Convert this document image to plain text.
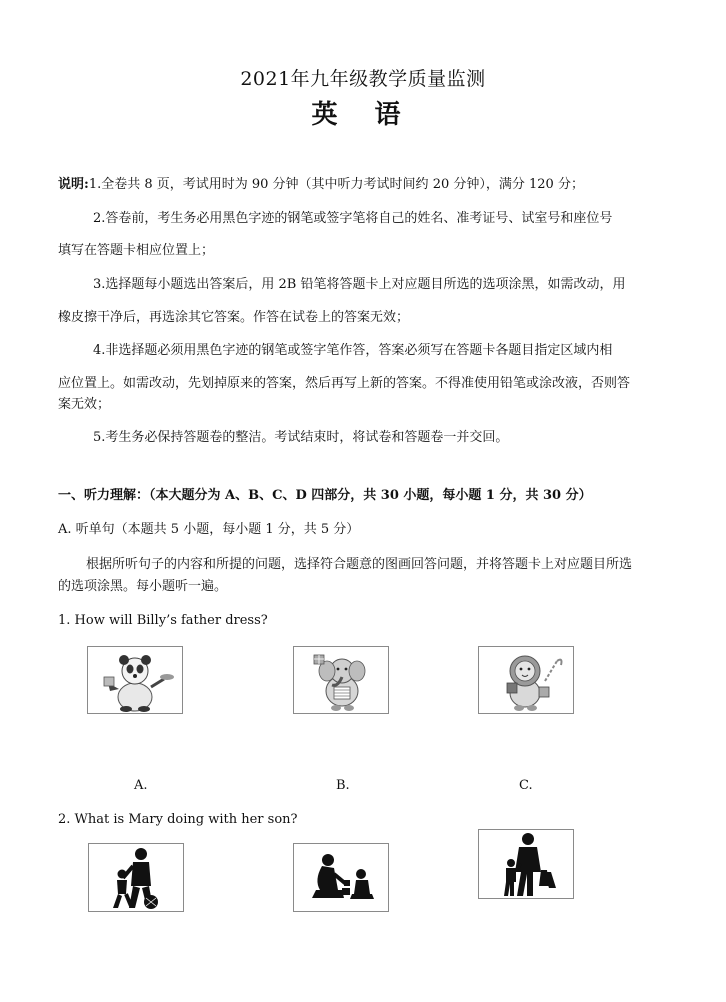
2021年九年级教学质量监测
英 语
说明:1.全卷共 8 页，考试用时为 90 分钟（其中听力考试时间约 20 分钟），满分 120 分；
2.答卷前，考生务必用黑色字迹的钢笔或签字笔将自己的姓名、准考证号、试室号和座位号
填写在答题卡相应位置上；
3.选择题每小题选出答案后，用 2B 铅笔将答题卡上对应题目所选的选项涂黑，如需改动，用
橡皮擦干净后，再选涂其它答案。作答在试卷上的答案无效；
4.非选择题必须用黑色字迹的钢笔或签字笔作答，答案必须写在答题卡各题目指定区域内相
应位置上。如需改动，先划掉原来的答案，然后再写上新的答案。不得准使用铅笔或涂改液，否则答
案无效；
5.考生务必保持答题卷的整洁。考试结束时，将试卷和答题卷一并交回。
一、听力理解：（本大题分为 A、B、C、D 四部分，共 30 小题，每小题 1 分，共 30 分）
A. 听单句（本题共 5 小题，每小题 1 分，共 5 分）
根据所听句子的内容和所提的问题，选择符合题意的图画回答问题，并将答题卡上对应题目所选
的选项涂黑。每小题听一遍。
1. How will Billy’s father dress?
A.	B.	C.
2. What is Mary doing with her son?
